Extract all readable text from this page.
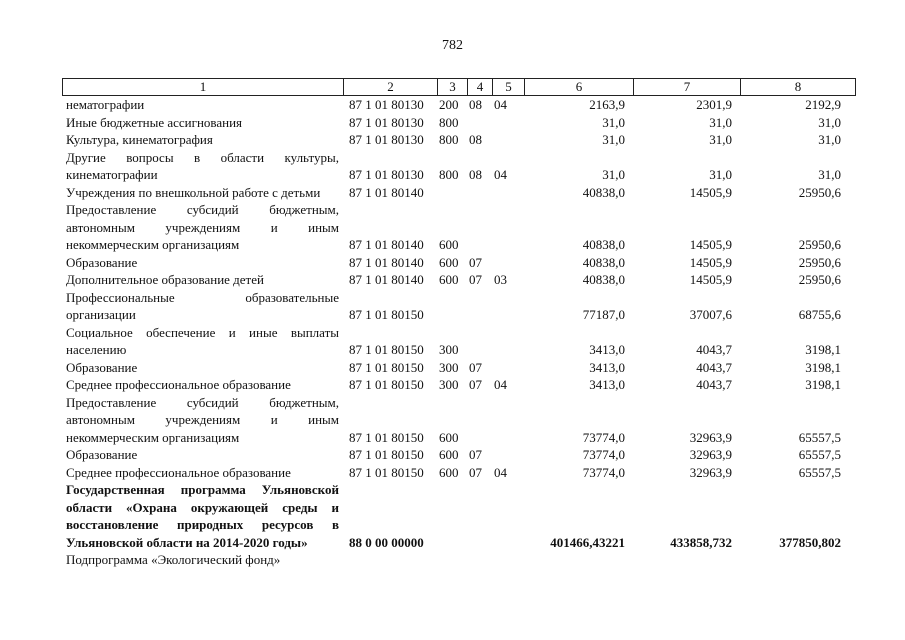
782
1	2	3	4	5	6	7	8
нематографии	87 1 01 80130	200	08	04	2163,9	2301,9	2192,9
Иные бюджетные ассигнования	87 1 01 80130	800			31,0	31,0	31,0
Культура, кинематография	87 1 01 80130	800	08		31,0	31,0	31,0
Другие вопросы в области культуры, кинематографии	87 1 01 80130	800	08	04	31,0	31,0	31,0
Учреждения по внешкольной работе с детьми	87 1 01 80140				40838,0	14505,9	25950,6
Предоставление субсидий бюджетным, автономным учреждениям и иным некоммерческим организациям	87 1 01 80140	600			40838,0	14505,9	25950,6
Образование	87 1 01 80140	600	07		40838,0	14505,9	25950,6
Дополнительное образование детей	87 1 01 80140	600	07	03	40838,0	14505,9	25950,6
Профессиональные образовательные организации	87 1 01 80150				77187,0	37007,6	68755,6
Социальное обеспечение и иные выплаты населению	87 1 01 80150	300			3413,0	4043,7	3198,1
Образование	87 1 01 80150	300	07		3413,0	4043,7	3198,1
Среднее профессиональное образование	87 1 01 80150	300	07	04	3413,0	4043,7	3198,1
Предоставление субсидий бюджетным, автономным учреждениям и иным некоммерческим организациям	87 1 01 80150	600			73774,0	32963,9	65557,5
Образование	87 1 01 80150	600	07		73774,0	32963,9	65557,5
Среднее профессиональное образование	87 1 01 80150	600	07	04	73774,0	32963,9	65557,5
Государственная программа Ульяновской области «Охрана окружающей среды и восстановление природных ресурсов в Ульяновской области на 2014-2020 годы»	88 0 00 00000				401466,43221	433858,732	377850,802
Подпрограмма «Экологический фонд»							
